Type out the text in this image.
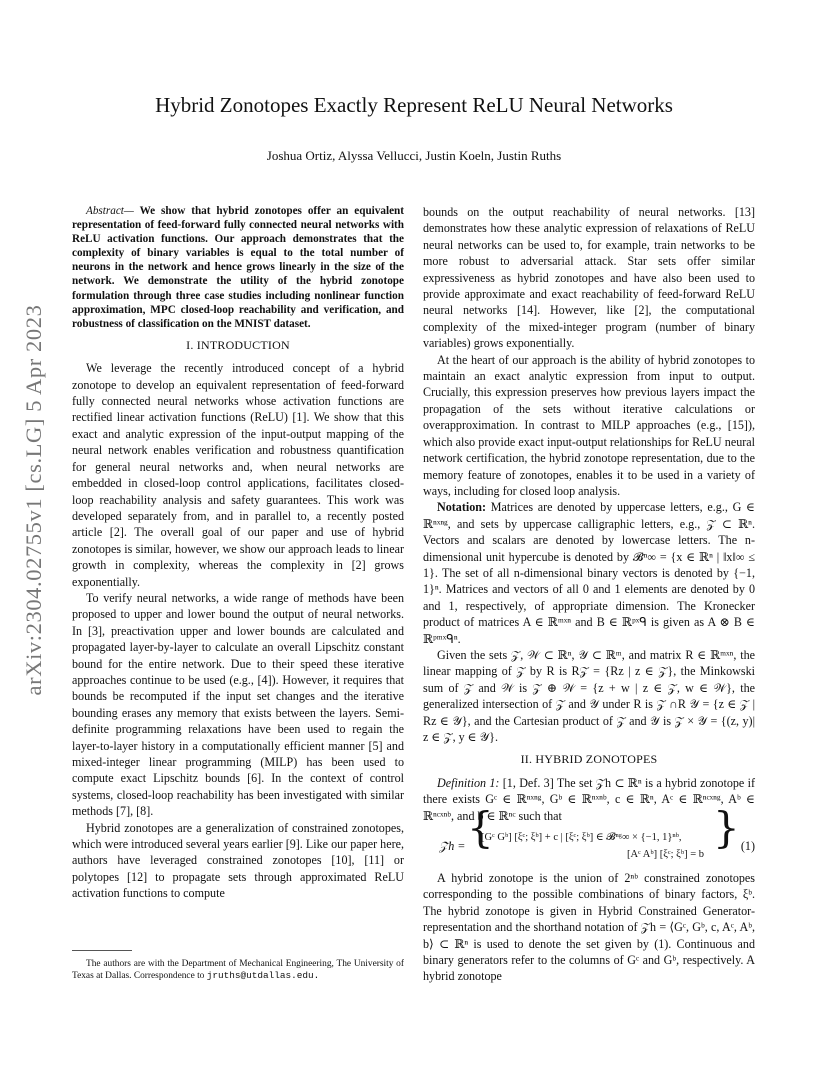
arXiv:2304.02755v1 [cs.LG] 5 Apr 2023
Hybrid Zonotopes Exactly Represent ReLU Neural Networks
Joshua Ortiz, Alyssa Vellucci, Justin Koeln, Justin Ruths

Abstract— We show that hybrid zonotopes offer an equivalent representation of feed-forward fully connected neural networks with ReLU activation functions. Our approach demonstrates that the complexity of binary variables is equal to the total number of neurons in the network and hence grows linearly in the size of the network. We demonstrate the utility of the hybrid zonotope formulation through three case studies including nonlinear function approximation, MPC closed-loop reachability and verification, and robustness of classification on the MNIST dataset.

I. INTRODUCTION

We leverage the recently introduced concept of a hybrid zonotope to develop an equivalent representation of feed-forward fully connected neural networks whose activation functions are rectified linear activation functions (ReLU) [1]. We show that this exact and analytic expression of the input-output mapping of the neural network enables verification and robustness quantification for general neural networks and, when neural networks are embedded in closed-loop control applications, facilitates closed-loop reachability analysis and safety guarantees. This work was developed separately from, and in parallel to, a recently posted article [2]. The overall goal of our paper and use of hybrid zonotopes is similar, however, we show our approach leads to linear growth in complexity, whereas the complexity in [2] grows exponentially.

To verify neural networks, a wide range of methods have been proposed to upper and lower bound the output of neural networks. In [3], preactivation upper and lower bounds are calculated and propagated layer-by-layer to calculate an overall Lipschitz constant bound for the entire network. Due to their speed these iterative approaches continue to be used (e.g., [4]). However, it requires that bounds be recomputed if the input set changes and the iterative bounding erases any memory that exists between the layers. Semi-definite programming relaxations have been used to regain the layer-to-layer history in a computationally efficient manner [5] and mixed-integer linear programming (MILP) has been used to compute exact Lipschitz bounds [6]. In the context of control systems, closed-loop reachability has been investigated with similar methods [7], [8].

Hybrid zonotopes are a generalization of constrained zonotopes, which were introduced several years earlier [9]. Like our paper here, authors have leveraged constrained zonotopes [10], [11] or polytopes [12] to propagate sets through approximated ReLU activation functions to compute

The authors are with the Department of Mechanical Engineering, The University of Texas at Dallas. Correspondence to jruths@utdallas.edu.

bounds on the output reachability of neural networks. [13] demonstrates how these analytic expression of relaxations of ReLU neural networks can be used to, for example, train networks to be more robust to adversarial attack. Star sets offer similar expressiveness as hybrid zonotopes and have also been used to provide approximate and exact reachability of feed-forward ReLU neural networks [14]. However, like [2], the computational complexity of the mixed-integer program (number of binary variables) grows exponentially.

At the heart of our approach is the ability of hybrid zonotopes to maintain an exact analytic expression from input to output. Crucially, this expression preserves how previous layers impact the propagation of the sets without iterative calculations or overapproximation. In contrast to MILP approaches (e.g., [15]), which also provide exact input-output relationships for ReLU neural network certification, the hybrid zonotope representation, due to the memory feature of zonotopes, enables it to be used in a variety of ways, including for closed loop analysis.

Notation: Matrices are denoted by uppercase letters, e.g., G ∈ ℝⁿˣⁿᵍ, and sets by uppercase calligraphic letters, e.g., 𝒵 ⊂ ℝⁿ. Vectors and scalars are denoted by lowercase letters. The n-dimensional unit hypercube is denoted by 𝓑ⁿ∞ = {x ∈ ℝⁿ | ‖x‖∞ ≤ 1}. The set of all n-dimensional binary vectors is denoted by {−1, 1}ⁿ. Matrices and vectors of all 0 and 1 elements are denoted by 0 and 1, respectively, of appropriate dimension. The Kronecker product of matrices A ∈ ℝᵐˣⁿ and B ∈ ℝᵖˣᑫ is given as A ⊗ B ∈ ℝᵖᵐˣᑫⁿ.

Given the sets 𝒵, 𝒲 ⊂ ℝⁿ, 𝒴 ⊂ ℝᵐ, and matrix R ∈ ℝᵐˣⁿ, the linear mapping of 𝒵 by R is R𝒵 = {Rz | z ∈ 𝒵}, the Minkowski sum of 𝒵 and 𝒲 is 𝒵 ⊕ 𝒲 = {z + w | z ∈ 𝒵, w ∈ 𝒲}, the generalized intersection of 𝒵 and 𝒴 under R is 𝒵 ∩R 𝒴 = {z ∈ 𝒵 | Rz ∈ 𝒴}, and the Cartesian product of 𝒵 and 𝒴 is 𝒵 × 𝒴 = {(z, y)| z ∈ 𝒵, y ∈ 𝒴}.

II. HYBRID ZONOTOPES

Definition 1: [1, Def. 3] The set 𝒵h ⊂ ℝⁿ is a hybrid zonotope if there exists Gᶜ ∈ ℝⁿˣⁿᵍ, Gᵇ ∈ ℝⁿˣⁿᵇ, c ∈ ℝⁿ, Aᶜ ∈ ℝⁿᶜˣⁿᵍ, Aᵇ ∈ ℝⁿᶜˣⁿᵇ, and b ∈ ℝⁿᶜ such that

𝒵h = {
[Gᶜ Gᵇ] [ξᶜ; ξᵇ] + c | [ξᶜ; ξᵇ] ∈ 𝓑ⁿᵍ∞ × {−1, 1}ⁿᵇ,
[Aᶜ Aᵇ] [ξᶜ; ξᵇ] = b
} (1)

A hybrid zonotope is the union of 2ⁿᵇ constrained zonotopes corresponding to the possible combinations of binary factors, ξᵇ. The hybrid zonotope is given in Hybrid Constrained Generator-representation and the shorthand notation of 𝒵h = ⟨Gᶜ, Gᵇ, c, Aᶜ, Aᵇ, b⟩ ⊂ ℝⁿ is used to denote the set given by (1). Continuous and binary generators refer to the columns of Gᶜ and Gᵇ, respectively. A hybrid zonotope
